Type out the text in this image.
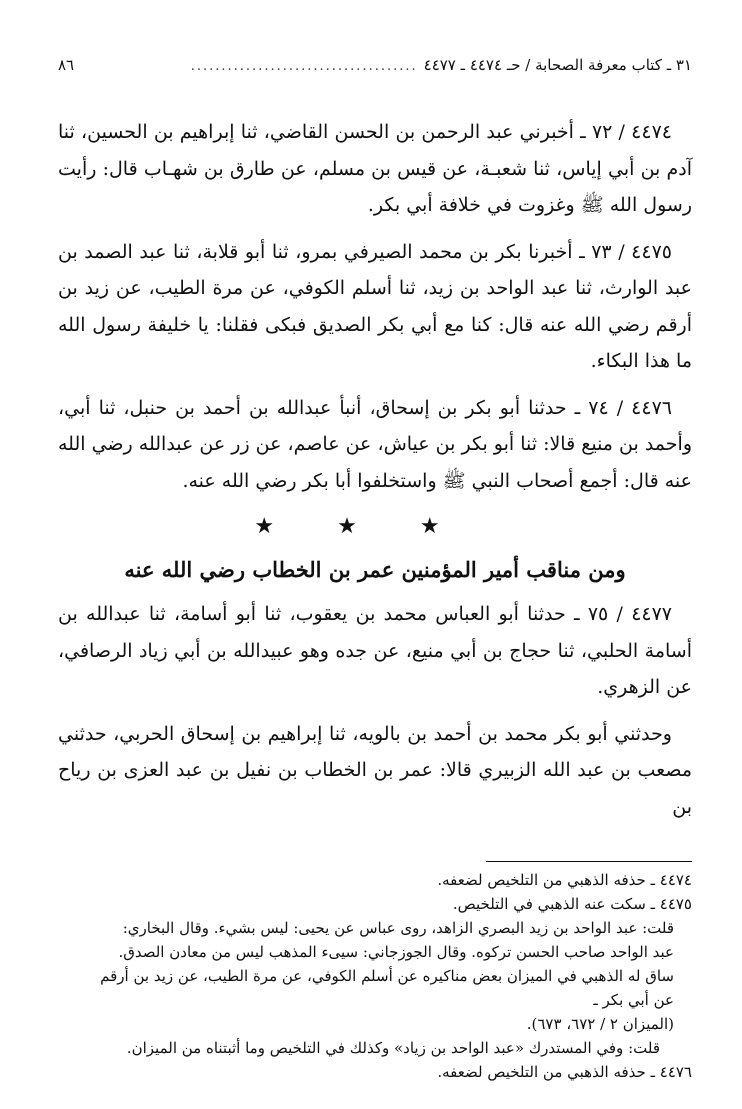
٣١ ـ كتاب معرفة الصحابة / حـ ٤٤٧٤ ـ ٤٤٧٧
.....................................
٨٦

٤٤٧٤ / ٧٢ ـ أخبرني عبد الرحمن بن الحسن القاضي، ثنا إبراهيم بن الحسين، ثنا آدم بن أبي إياس، ثنا شعبـة، عن قيس بن مسلم، عن طارق بن شهـاب قال: رأيت رسول الله ﷺ وغزوت في خلافة أبي بكر.

٤٤٧٥ / ٧٣ ـ أخبرنا بكر بن محمد الصيرفي بمرو، ثنا أبو قلابة، ثنا عبد الصمد بن عبد الوارث، ثنا عبد الواحد بن زيد، ثنا أسلم الكوفي، عن مرة الطيب، عن زيد بن أرقم رضي الله عنه قال: كنا مع أبي بكر الصديق فبكى فقلنا: يا خليفة رسول الله ما هذا البكاء.

٤٤٧٦ / ٧٤ ـ حدثنا أبو بكر بن إسحاق، أنبأ عبدالله بن أحمد بن حنبل، ثنا أبي، وأحمد بن منيع قالا: ثنا أبو بكر بن عياش، عن عاصم، عن زر عن عبدالله رضي الله عنه قال: أجمع أصحاب النبي ﷺ واستخلفوا أبا بكر رضي الله عنه.

★ ★ ★
ومن مناقب أمير المؤمنين عمر بن الخطاب رضي الله عنه

٤٤٧٧ / ٧٥ ـ حدثنا أبو العباس محمد بن يعقوب، ثنا أبو أسامة، ثنا عبدالله بن أسامة الحلبي، ثنا حجاج بن أبي منيع، عن جده وهو عبيدالله بن أبي زياد الرصافي، عن الزهري.

وحدثني أبو بكر محمد بن أحمد بن بالويه، ثنا إبراهيم بن إسحاق الحربي، حدثني مصعب بن عبد الله الزبيري قالا: عمر بن الخطاب بن نفيل بن عبد العزى بن رياح بن

٤٤٧٤ ـ حذفه الذهبي من التلخيص لضعفه.

٤٤٧٥ ـ سكت عنه الذهبي في التلخيص.

قلت: عبد الواحد بن زيد البصري الزاهد، روى عباس عن يحيى: ليس بشيء. وقال البخاري:

عبد الواحد صاحب الحسن تركوه. وقال الجوزجاني: سيىء المذهب ليس من معادن الصدق.

ساق له الذهبي في الميزان بعض مناكيره عن أسلم الكوفي، عن مرة الطيب، عن زيد بن أرقم

عن أبي بكر ـ

(الميزان ٢ / ٦٧٢، ٦٧٣).

قلت: وفي المستدرك «عبد الواحد بن زياد» وكذلك في التلخيص وما أثبتناه من الميزان.

٤٤٧٦ ـ حذفه الذهبي من التلخيص لضعفه.
